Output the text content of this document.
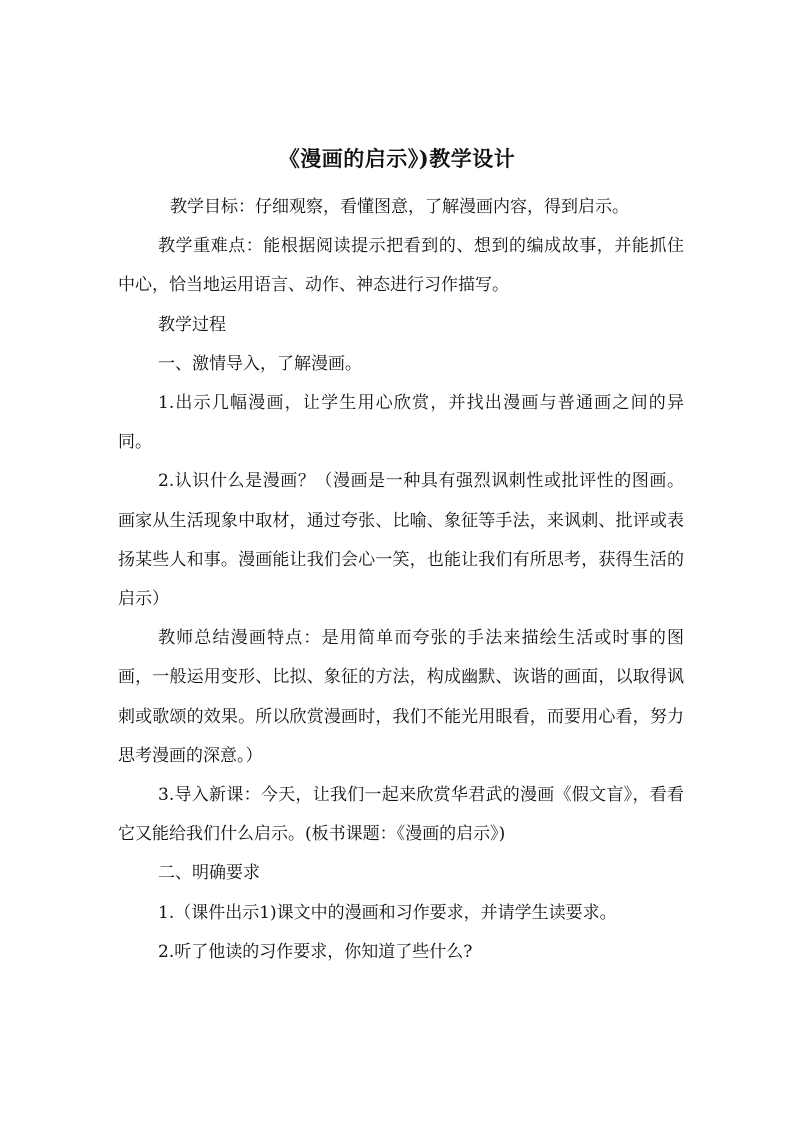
《漫画的启示》)教学设计

教学目标：仔细观察，看懂图意，了解漫画内容，得到启示。

教学重难点：能根据阅读提示把看到的、想到的编成故事，并能抓住中心，恰当地运用语言、动作、神态进行习作描写。

教学过程

一、激情导入，了解漫画。

1.出示几幅漫画，让学生用心欣赏，并找出漫画与普通画之间的异同。

2.认识什么是漫画？（漫画是一种具有强烈讽刺性或批评性的图画。画家从生活现象中取材，通过夸张、比喻、象征等手法，来讽刺、批评或表扬某些人和事。漫画能让我们会心一笑，也能让我们有所思考，获得生活的启示）

教师总结漫画特点：是用简单而夸张的手法来描绘生活或时事的图画，一般运用变形、比拟、象征的方法，构成幽默、诙谐的画面，以取得讽刺或歌颂的效果。所以欣赏漫画时，我们不能光用眼看，而要用心看，努力思考漫画的深意。）

3.导入新课：今天，让我们一起来欣赏华君武的漫画《假文盲》，看看它又能给我们什么启示。(板书课题：《漫画的启示》)

二、明确要求

1.（课件出示1)课文中的漫画和习作要求，并请学生读要求。

2.听了他读的习作要求，你知道了些什么?
